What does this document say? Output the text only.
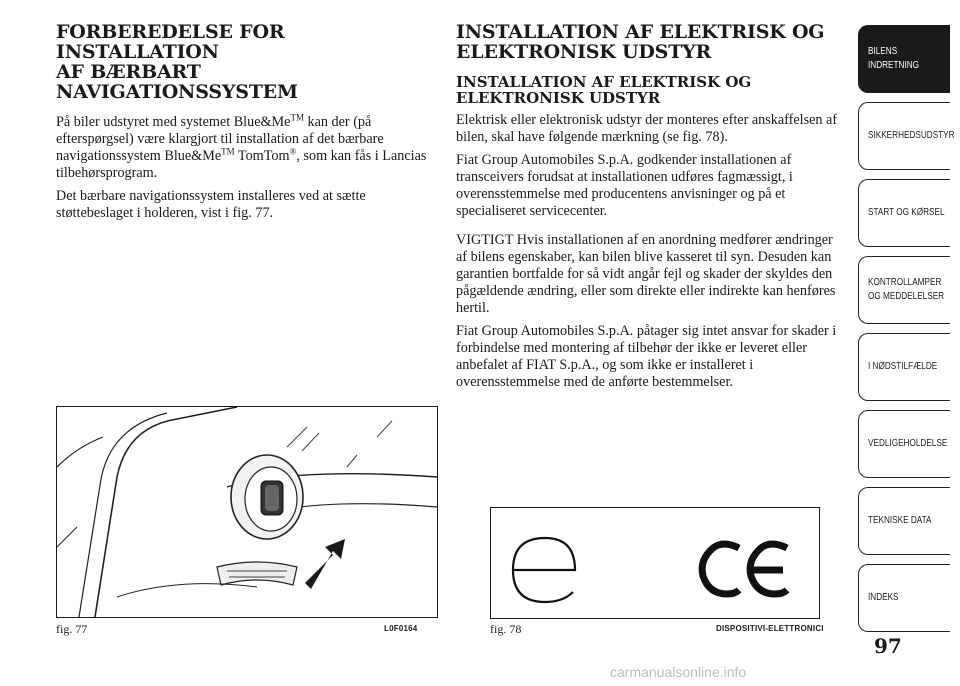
FORBEREDELSE FOR INSTALLATION
AF BÆRBART NAVIGATIONSSYSTEM

På biler udstyret med systemet Blue&Me™ kan der (på efterspørgsel) være klargjort til installation af det bærbare navigationssystem Blue&Me™ TomTom®, som kan fås i Lancias tilbehørsprogram.

Det bærbare navigationssystem installeres ved at sætte støttebeslaget i holderen, vist i fig. 77.

INSTALLATION AF ELEKTRISK OG
ELEKTRONISK UDSTYR
INSTALLATION AF ELEKTRISK OG
ELEKTRONISK UDSTYR

Elektrisk eller elektronisk udstyr der monteres efter anskaffelsen af bilen, skal have følgende mærkning (se fig. 78).

Fiat Group Automobiles S.p.A. godkender installationen af transceivers forudsat at installationen udføres fagmæssigt, i overensstemmelse med producentens anvisninger og på et specialiseret servicecenter.

VIGTIGT Hvis installationen af en anordning medfører ændringer af bilens egenskaber, kan bilen blive kasseret til syn. Desuden kan garantien bortfalde for så vidt angår fejl og skader der skyldes den pågældende ændring, eller som direkte eller indirekte kan henføres hertil.

Fiat Group Automobiles S.p.A. påtager sig intet ansvar for skader i forbindelse med montering af tilbehør der ikke er leveret eller anbefalet af FIAT S.p.A., og som ikke er installeret i overensstemmelse med de anførte bestemmelser.

fig. 77	L0F0164	fig. 78	DISPOSITIVI-ELETTRONICI
BILENS
INDRETNING
SIKKERHEDSUDSTYR
START OG KØRSEL
KONTROLLAMPER
OG MEDDELELSER
I NØDSTILFÆLDE
VEDLIGEHOLDELSE
TEKNISKE DATA
INDEKS
97
carmanualsonline.info
